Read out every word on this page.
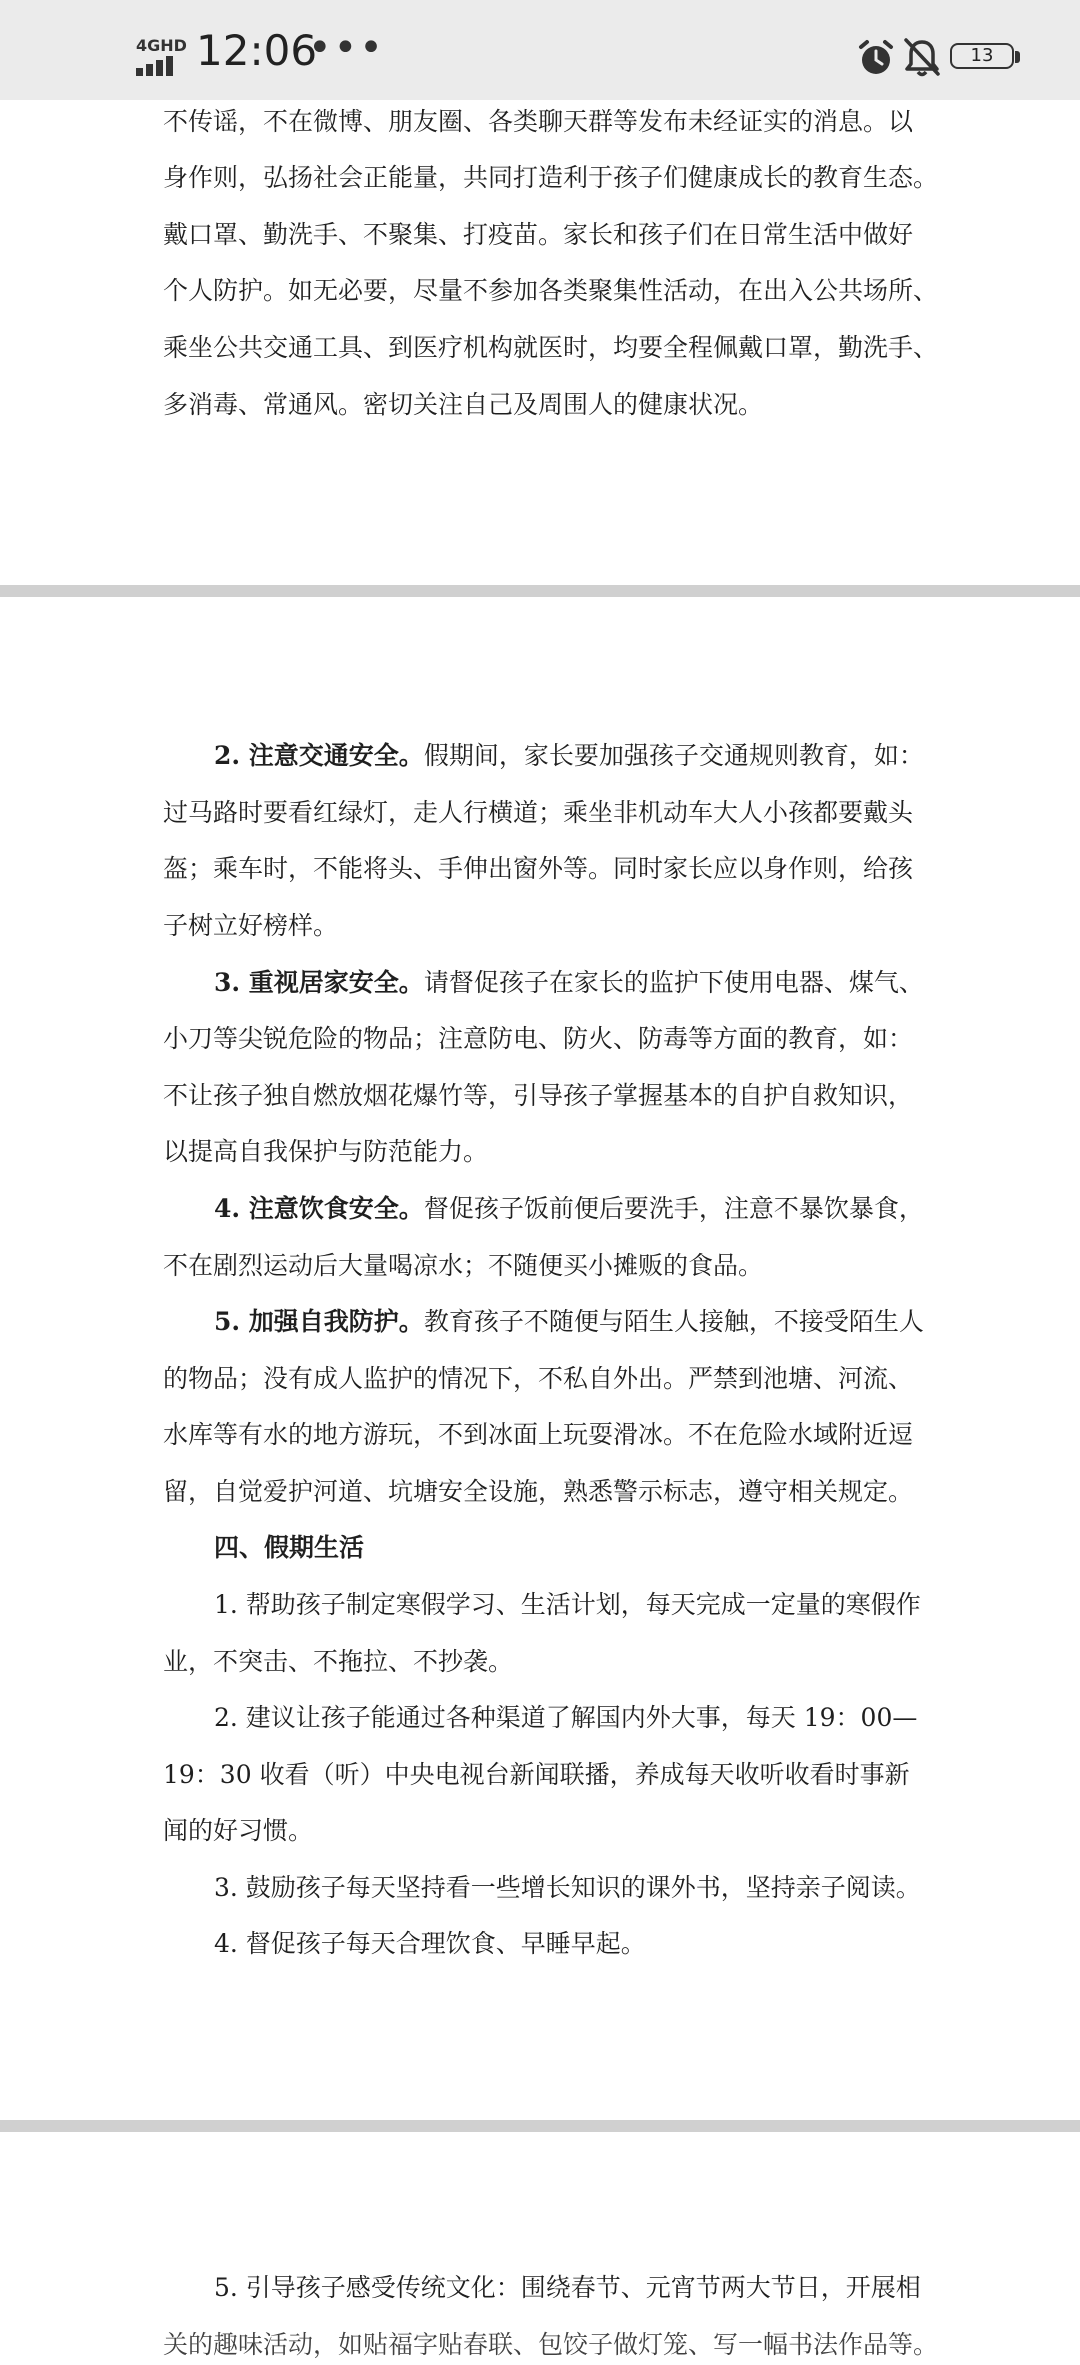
4GHD 12:06
•••	13
不传谣，不在微博、朋友圈、各类聊天群等发布未经证实的消息。以
身作则，弘扬社会正能量，共同打造利于孩子们健康成长的教育生态。
戴口罩、勤洗手、不聚集、打疫苗。家长和孩子们在日常生活中做好
个人防护。如无必要，尽量不参加各类聚集性活动，在出入公共场所、
乘坐公共交通工具、到医疗机构就医时，均要全程佩戴口罩，勤洗手、
多消毒、常通风。密切关注自己及周围人的健康状况。
2. 注意交通安全。假期间，家长要加强孩子交通规则教育，如：
过马路时要看红绿灯，走人行横道；乘坐非机动车大人小孩都要戴头
盔；乘车时，不能将头、手伸出窗外等。同时家长应以身作则，给孩
子树立好榜样。
3. 重视居家安全。请督促孩子在家长的监护下使用电器、煤气、
小刀等尖锐危险的物品；注意防电、防火、防毒等方面的教育，如：
不让孩子独自燃放烟花爆竹等，引导孩子掌握基本的自护自救知识，
以提高自我保护与防范能力。
4. 注意饮食安全。督促孩子饭前便后要洗手，注意不暴饮暴食，
不在剧烈运动后大量喝凉水；不随便买小摊贩的食品。
5. 加强自我防护。教育孩子不随便与陌生人接触，不接受陌生人
的物品；没有成人监护的情况下，不私自外出。严禁到池塘、河流、
水库等有水的地方游玩，不到冰面上玩耍滑冰。不在危险水域附近逗
留，自觉爱护河道、坑塘安全设施，熟悉警示标志，遵守相关规定。
四、假期生活
1. 帮助孩子制定寒假学习、生活计划，每天完成一定量的寒假作
业，不突击、不拖拉、不抄袭。
2. 建议让孩子能通过各种渠道了解国内外大事，每天 19：00—
19：30 收看（听）中央电视台新闻联播，养成每天收听收看时事新
闻的好习惯。
3. 鼓励孩子每天坚持看一些增长知识的课外书，坚持亲子阅读。
4. 督促孩子每天合理饮食、早睡早起。
5. 引导孩子感受传统文化：围绕春节、元宵节两大节日，开展相
关的趣味活动，如贴福字贴春联、包饺子做灯笼、写一幅书法作品等。
